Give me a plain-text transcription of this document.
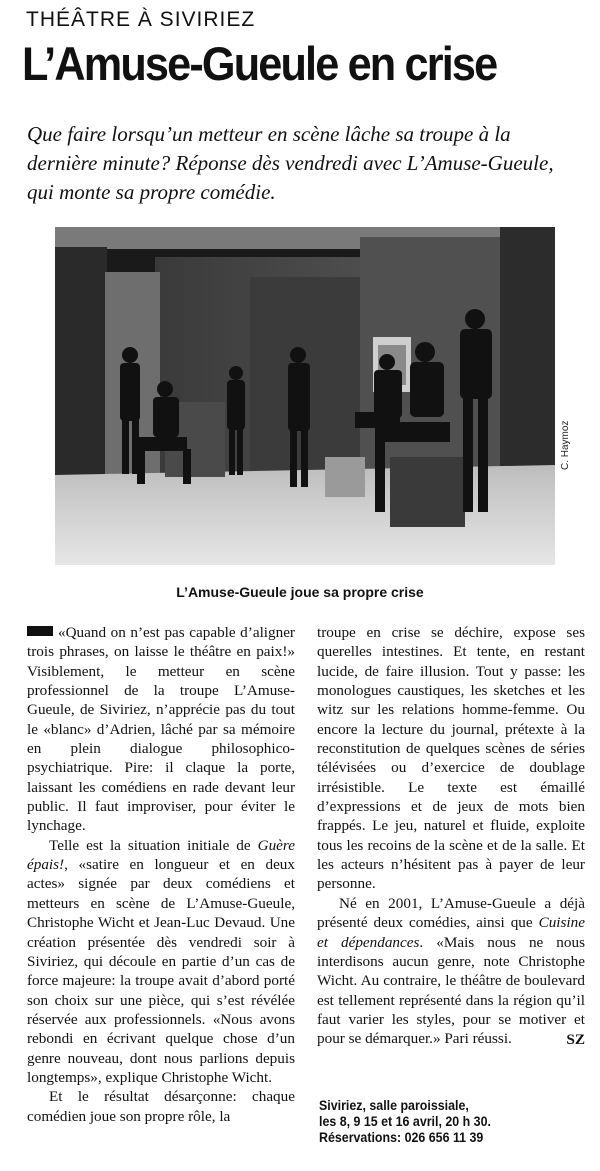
THÉÂTRE À SIVIRIEZ
L’Amuse-Gueule en crise
Que faire lorsqu’un metteur en scène lâche sa troupe à la dernière minute? Réponse dès vendredi avec L’Amuse-Gueule, qui monte sa propre comédie.
C. Haymoz
L’Amuse-Gueule joue sa propre crise

«Quand on n’est pas capable d’aligner trois phrases, on laisse le théâtre en paix!» Visiblement, le metteur en scène professionnel de la troupe L’Amuse-Gueule, de Siviriez, n’apprécie pas du tout le «blanc» d’Adrien, lâché par sa mémoire en plein dialogue philosophico-psychiatrique. Pire: il claque la porte, laissant les comédiens en rade devant leur public. Il faut improviser, pour éviter le lynchage.

Telle est la situation initiale de Guère épais!, «satire en longueur et en deux actes» signée par deux comédiens et metteurs en scène de L’Amuse-Gueule, Christophe Wicht et Jean-Luc Devaud. Une création présentée dès vendredi soir à Siviriez, qui découle en partie d’un cas de force majeure: la troupe avait d’abord porté son choix sur une pièce, qui s’est révélée réservée aux professionnels. «Nous avons rebondi en écrivant quelque chose d’un genre nouveau, dont nous parlions depuis longtemps», explique Christophe Wicht.

Et le résultat désarçonne: chaque comédien joue son propre rôle, la

troupe en crise se déchire, expose ses querelles intestines. Et tente, en restant lucide, de faire illusion. Tout y passe: les monologues caustiques, les sketches et les witz sur les relations homme-femme. Ou encore la lecture du journal, prétexte à la reconstitution de quelques scènes de séries télévisées ou d’exercice de doublage irrésistible. Le texte est émaillé d’expressions et de jeux de mots bien frappés. Le jeu, naturel et fluide, exploite tous les recoins de la scène et de la salle. Et les acteurs n’hésitent pas à payer de leur personne.

Né en 2001, L’Amuse-Gueule a déjà présenté deux comédies, ainsi que Cuisine et dépendances. «Mais nous ne nous interdisons aucun genre, note Christophe Wicht. Au contraire, le théâtre de boulevard est tellement représenté dans la région qu’il faut varier les styles, pour se motiver et pour se démarquer.» Pari réussi.	SZ
Siviriez, salle paroissiale,
les 8, 9 15 et 16 avril, 20 h 30.
Réservations: 026 656 11 39
